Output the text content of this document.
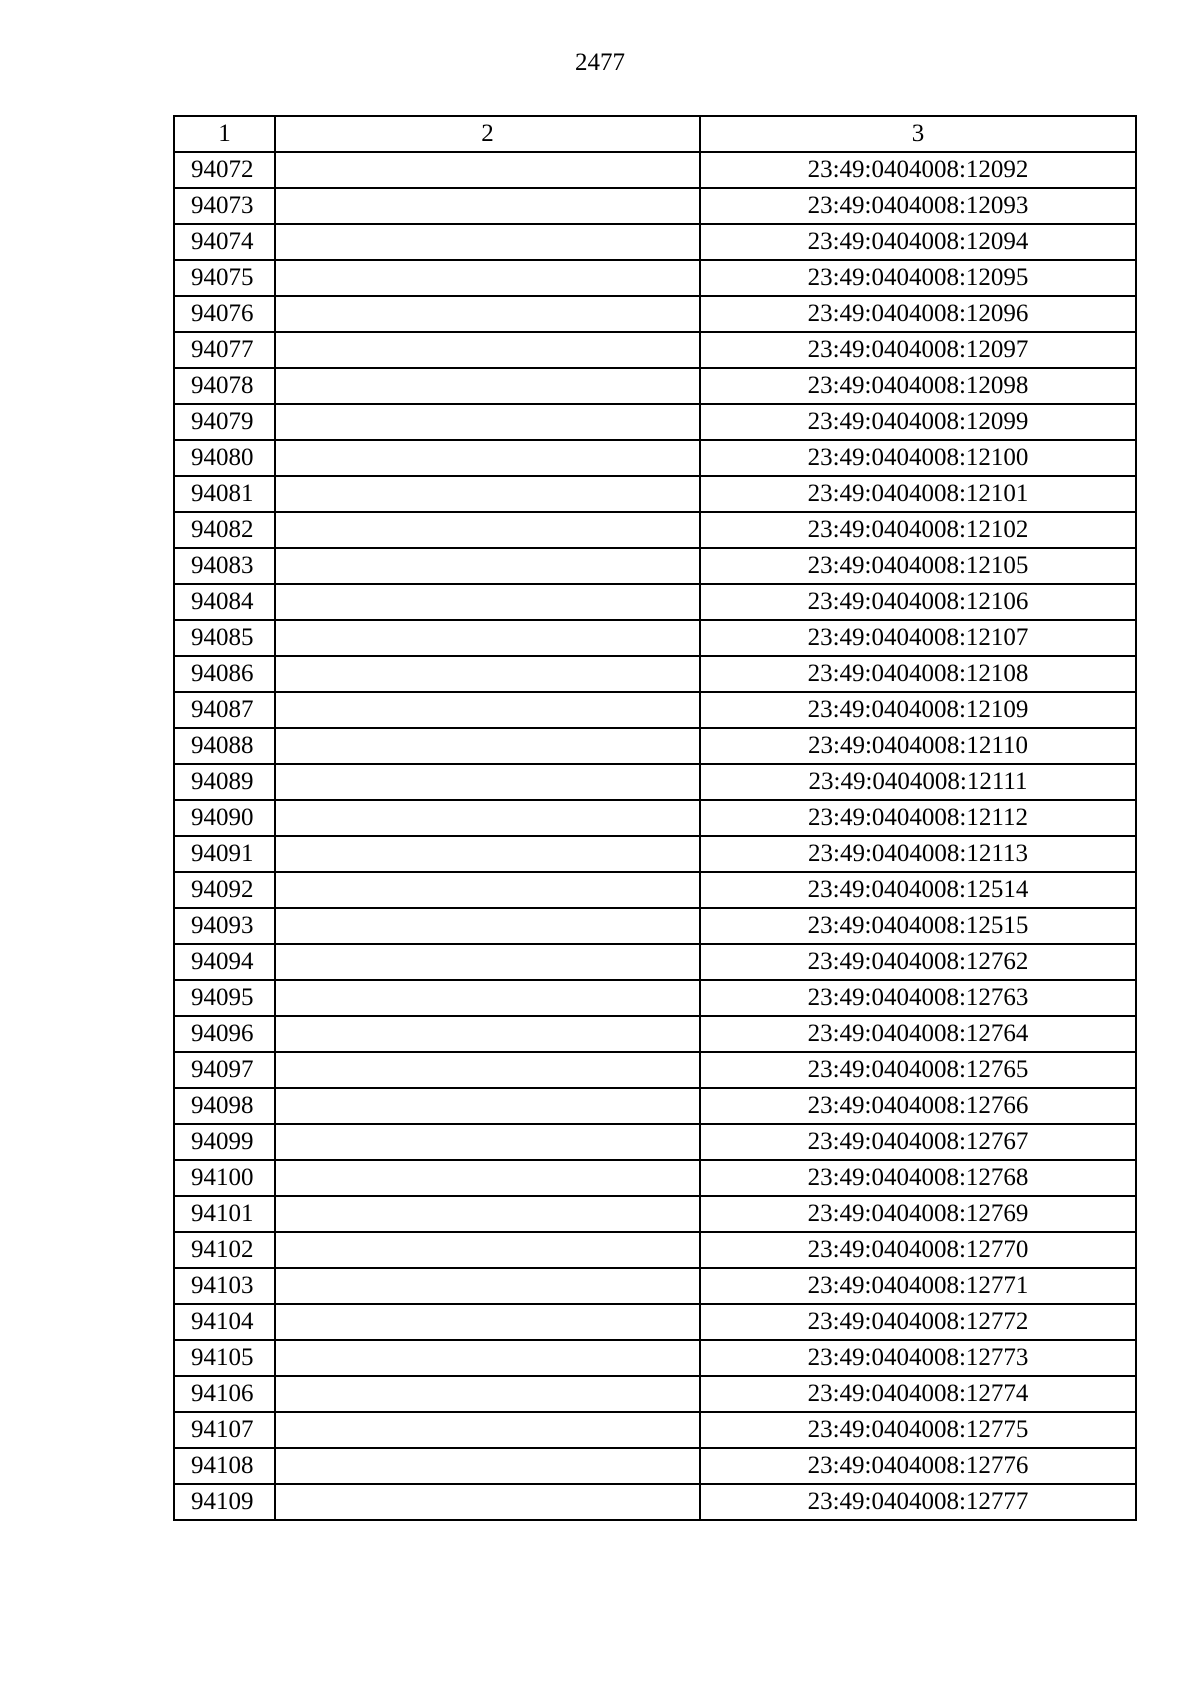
2477
1	2	3
94072		23:49:0404008:12092
94073		23:49:0404008:12093
94074		23:49:0404008:12094
94075		23:49:0404008:12095
94076		23:49:0404008:12096
94077		23:49:0404008:12097
94078		23:49:0404008:12098
94079		23:49:0404008:12099
94080		23:49:0404008:12100
94081		23:49:0404008:12101
94082		23:49:0404008:12102
94083		23:49:0404008:12105
94084		23:49:0404008:12106
94085		23:49:0404008:12107
94086		23:49:0404008:12108
94087		23:49:0404008:12109
94088		23:49:0404008:12110
94089		23:49:0404008:12111
94090		23:49:0404008:12112
94091		23:49:0404008:12113
94092		23:49:0404008:12514
94093		23:49:0404008:12515
94094		23:49:0404008:12762
94095		23:49:0404008:12763
94096		23:49:0404008:12764
94097		23:49:0404008:12765
94098		23:49:0404008:12766
94099		23:49:0404008:12767
94100		23:49:0404008:12768
94101		23:49:0404008:12769
94102		23:49:0404008:12770
94103		23:49:0404008:12771
94104		23:49:0404008:12772
94105		23:49:0404008:12773
94106		23:49:0404008:12774
94107		23:49:0404008:12775
94108		23:49:0404008:12776
94109		23:49:0404008:12777
